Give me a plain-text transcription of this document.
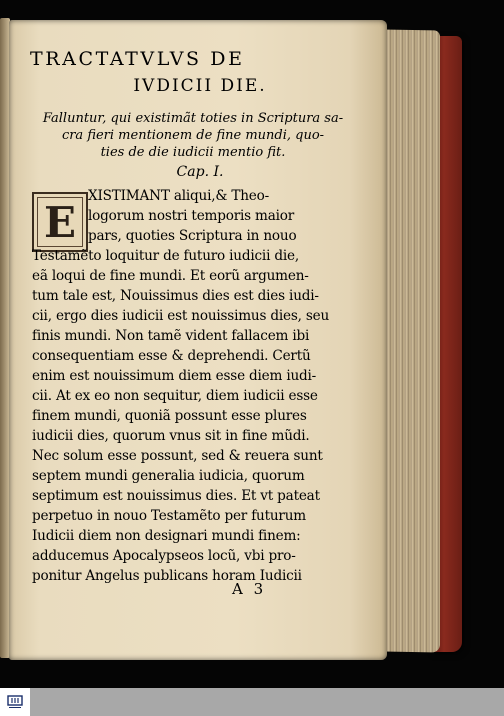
TRACTATVLVS DE
IVDICII DIE.
Falluntur, qui existimãt toties in Scriptura sa-
cra fieri mentionem de fine mundi, quo-
ties de die iudicii mentio fit.
Cap. I.
E
XISTIMANT aliqui,& Theo-
logorum nostri temporis maior
pars, quoties Scriptura in nouo
Testamẽto loquitur de futuro iudicii die,
eã loqui de fine mundi. Et eorũ argumen-
tum tale est, Nouissimus dies est dies iudi-
cii, ergo dies iudicii est nouissimus dies, seu
finis mundi. Non tamẽ vident fallacem ibi
consequentiam esse & deprehendi. Certũ
enim est nouissimum diem esse diem iudi-
cii. At ex eo non sequitur, diem iudicii esse
finem mundi, quoniã possunt esse plures
iudicii dies, quorum vnus sit in fine mũdi.
Nec solum esse possunt, sed & reuera sunt
septem mundi generalia iudicia, quorum
septimum est nouissimus dies. Et vt pateat
perpetuo in nouo Testamẽto per futurum
Iudicii diem non designari mundi finem:
adducemus Apocalypseos locũ, vbi pro-
ponitur Angelus publicans horam Iudicii
A 3
